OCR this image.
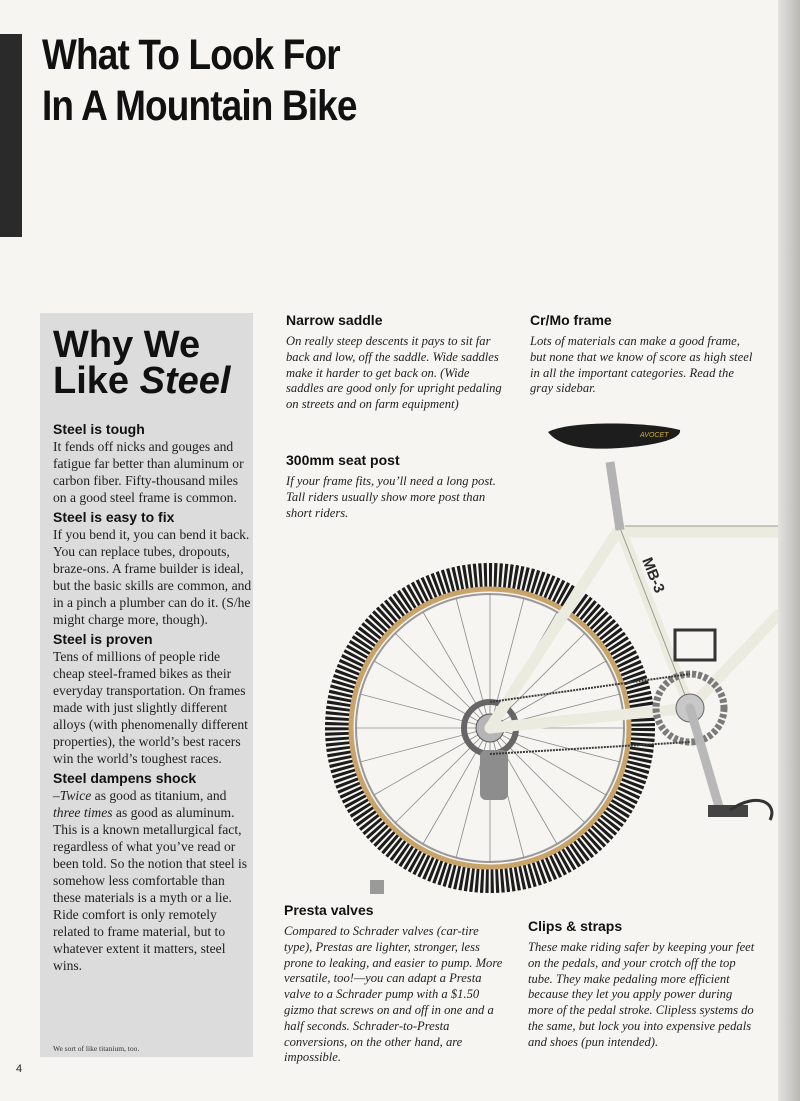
What To Look For
In A Mountain Bike
Why We
Like Steel
Steel is tough

It fends off nicks and gouges and fatigue far better than aluminum or carbon fiber. Fifty-thousand miles on a good steel frame is common.

Steel is easy to fix

If you bend it, you can bend it back. You can replace tubes, dropouts, braze-ons. A frame builder is ideal, but the basic skills are common, and in a pinch a plumber can do it. (S/he might charge more, though).

Steel is proven

Tens of millions of people ride cheap steel-framed bikes as their everyday transportation. On frames made with just slightly different alloys (with phenomenally different properties), the world’s best racers win the world’s toughest races.

Steel dampens shock

–Twice as good as titanium, and three times as good as aluminum. This is a known metallurgical fact, regardless of what you’ve read or been told. So the notion that steel is somehow less comfortable than these materials is a myth or a lie. Ride comfort is only remotely related to frame material, but to whatever extent it matters, steel wins.

We sort of like titanium, too.

Narrow saddle

On really steep descents it pays to sit far back and low, off the saddle. Wide saddles make it harder to get back on. (Wide saddles are good only for upright pedaling on streets and on farm equipment)

Cr/Mo frame

Lots of materials can make a good frame, but none that we know of score as high steel in all the important categories. Read the gray sidebar.

300mm seat post

If your frame fits, you’ll need a long post. Tall riders usually show more post than short riders.

Presta valves

Compared to Schrader valves (car-tire type), Prestas are lighter, stronger, less prone to leaking, and easier to pump. More versatile, too!—you can adapt a Presta valve to a Schrader pump with a $1.50 gizmo that screws on and off in one and a half seconds. Schrader-to-Presta conversions, on the other hand, are impossible.

Clips & straps

These make riding safer by keeping your feet on the pedals, and your crotch off the top tube. They make pedaling more efficient because they let you apply power during more of the pedal stroke. Clipless systems do the same, but lock you into expensive pedals and shoes (pun intended).

MB-3
AVOCET

4
